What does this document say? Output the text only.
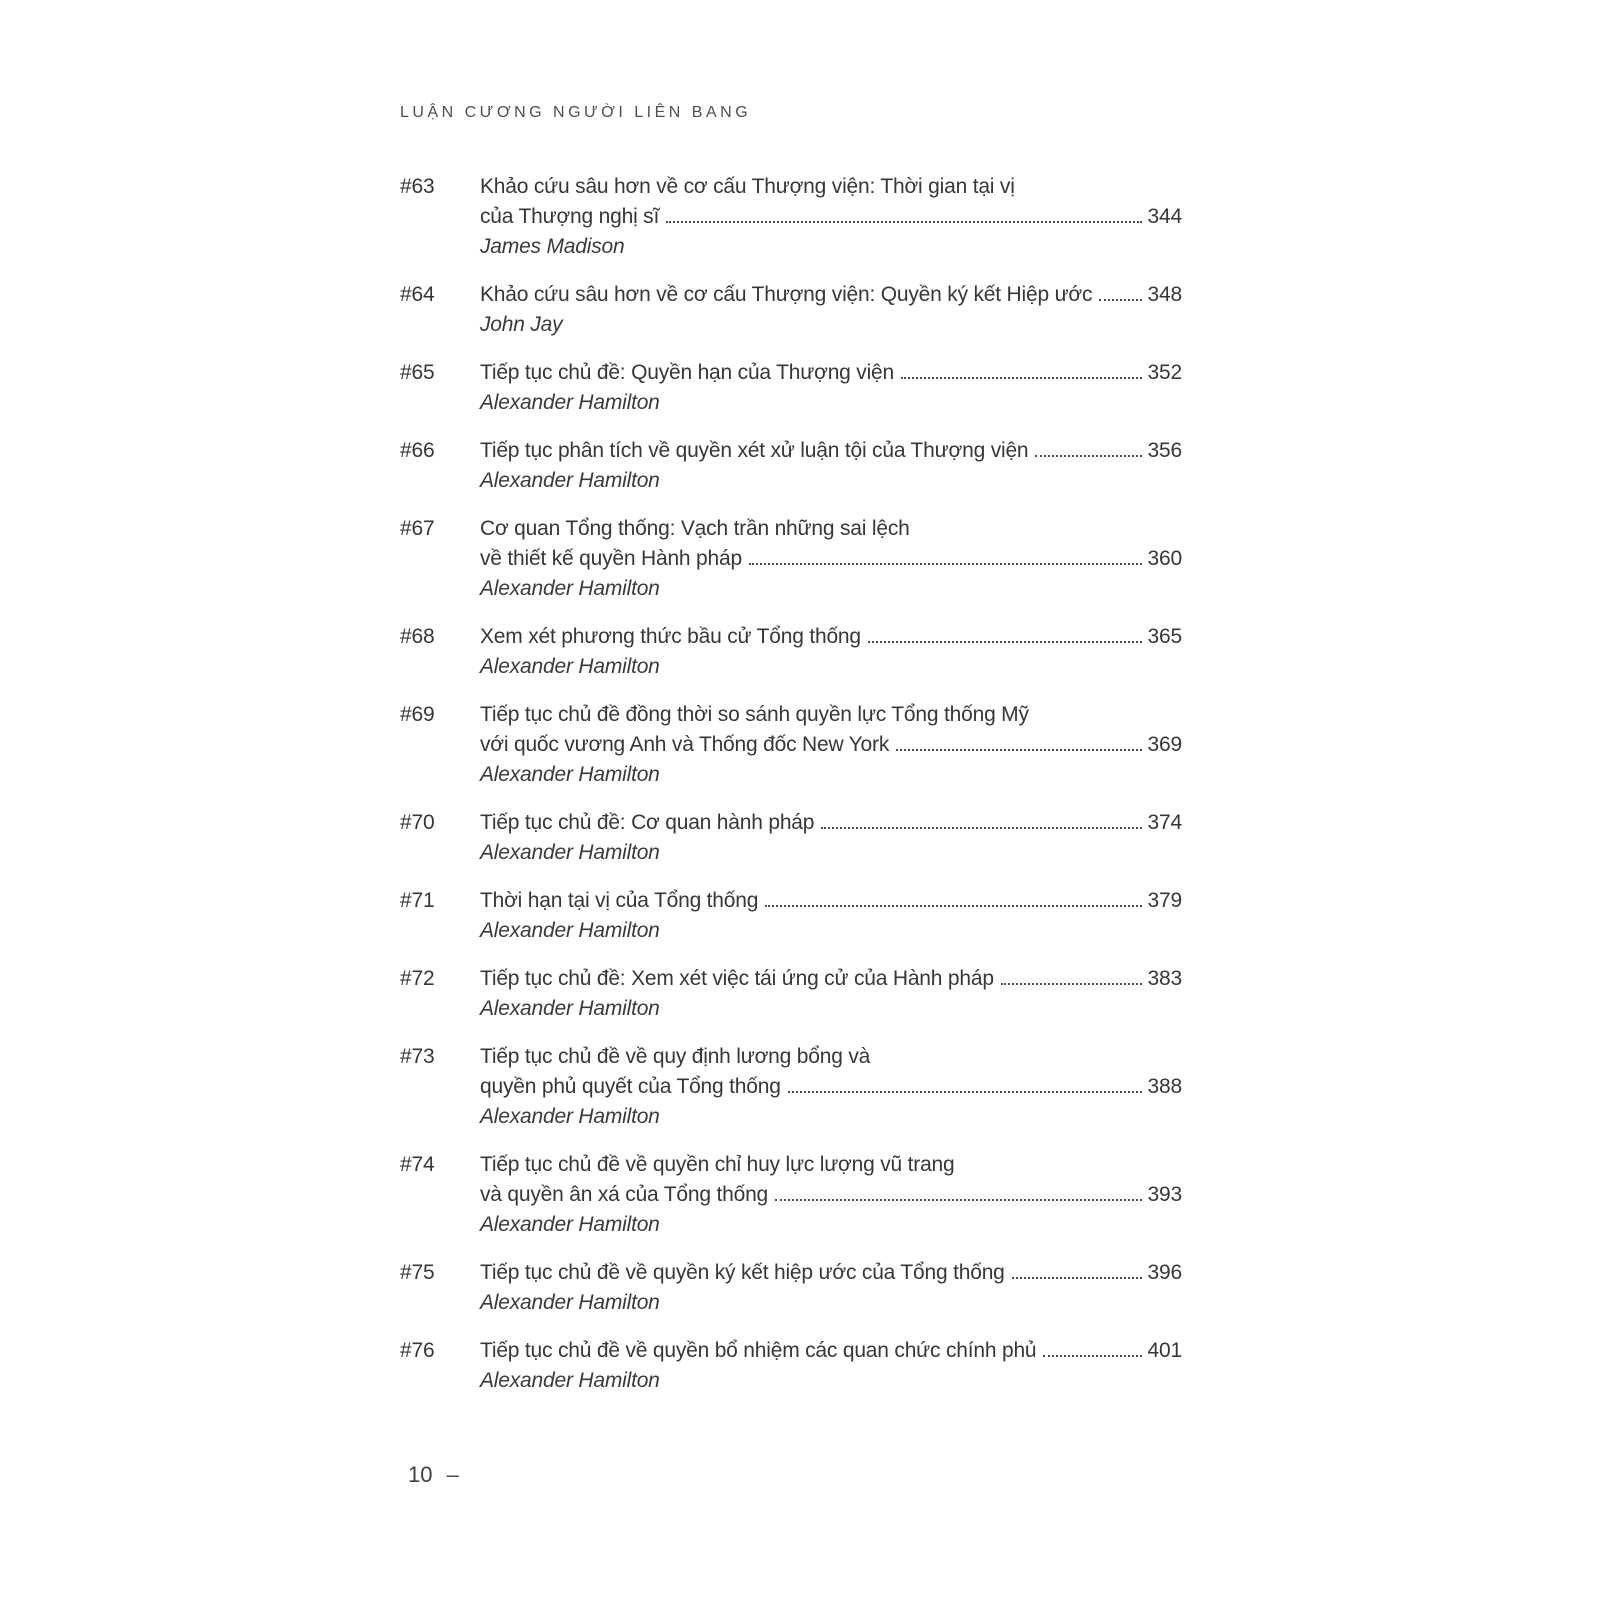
LUẬN CƯƠNG NGƯỜI LIÊN BANG
#63	Khảo cứu sâu hơn về cơ cấu Thượng viện: Thời gian tại vị
của Thượng nghị sĩ	344
James Madison
#64	Khảo cứu sâu hơn về cơ cấu Thượng viện: Quyền ký kết Hiệp ước	348
John Jay
#65	Tiếp tục chủ đề: Quyền hạn của Thượng viện	352
Alexander Hamilton
#66	Tiếp tục phân tích về quyền xét xử luận tội của Thượng viện	356
Alexander Hamilton
#67	Cơ quan Tổng thống: Vạch trần những sai lệch
về thiết kế quyền Hành pháp	360
Alexander Hamilton
#68	Xem xét phương thức bầu cử Tổng thống	365
Alexander Hamilton
#69	Tiếp tục chủ đề đồng thời so sánh quyền lực Tổng thống Mỹ
với quốc vương Anh và Thống đốc New York	369
Alexander Hamilton
#70	Tiếp tục chủ đề: Cơ quan hành pháp	374
Alexander Hamilton
#71	Thời hạn tại vị của Tổng thống	379
Alexander Hamilton
#72	Tiếp tục chủ đề: Xem xét việc tái ứng cử của Hành pháp	383
Alexander Hamilton
#73	Tiếp tục chủ đề về quy định lương bổng và
quyền phủ quyết của Tổng thống	388
Alexander Hamilton
#74	Tiếp tục chủ đề về quyền chỉ huy lực lượng vũ trang
và quyền ân xá của Tổng thống	393
Alexander Hamilton
#75	Tiếp tục chủ đề về quyền ký kết hiệp ước của Tổng thống	396
Alexander Hamilton
#76	Tiếp tục chủ đề về quyền bổ nhiệm các quan chức chính phủ	401
Alexander Hamilton
10 –
